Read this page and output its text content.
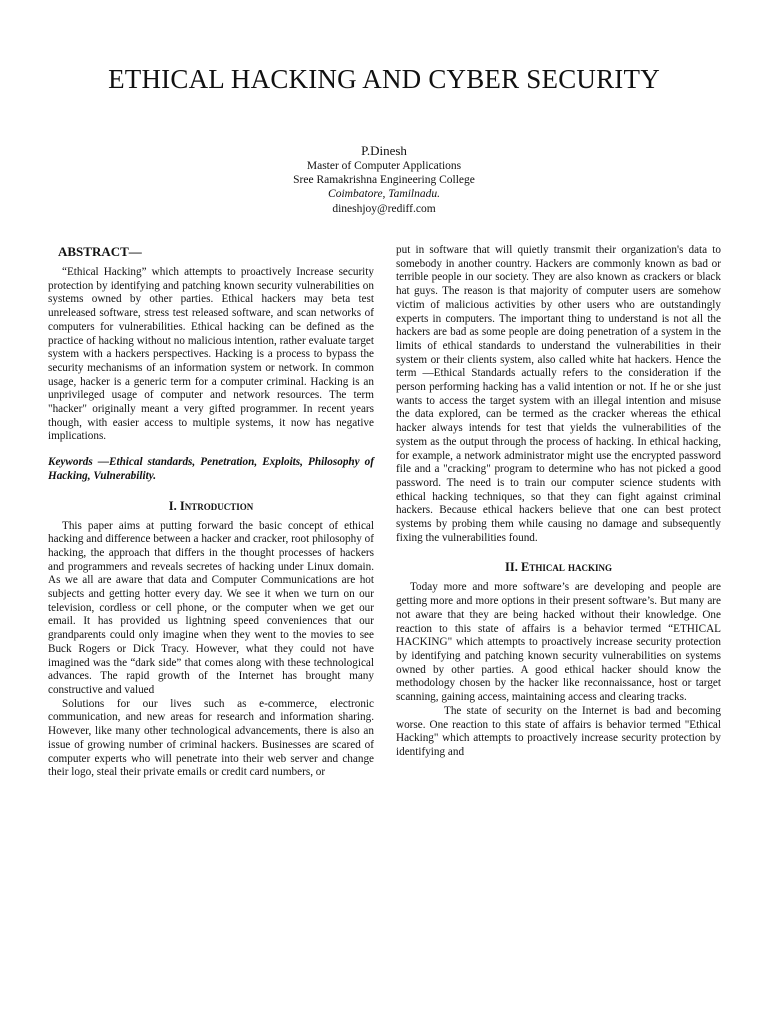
ETHICAL HACKING AND CYBER SECURITY
P.Dinesh
Master of Computer Applications
Sree Ramakrishna Engineering College
Coimbatore, Tamilnadu.
dineshjoy@rediff.com
ABSTRACT—

“Ethical Hacking” which attempts to proactively Increase security protection by identifying and patching known security vulnerabilities on systems owned by other parties. Ethical hackers may beta test unreleased software, stress test released software, and scan networks of computers for vulnerabilities. Ethical hacking can be defined as the practice of hacking without no malicious intention, rather evaluate target system with a hackers perspectives. Hacking is a process to bypass the security mechanisms of an information system or network. In common usage, hacker is a generic term for a computer criminal. Hacking is an unprivileged usage of computer and network resources. The term "hacker" originally meant a very gifted programmer. In recent years though, with easier access to multiple systems, it now has negative implications.

Keywords —Ethical standards, Penetration, Exploits, Philosophy of Hacking, Vulnerability.

I. Introduction

This paper aims at putting forward the basic concept of ethical hacking and difference between a hacker and cracker, root philosophy of hacking, the approach that differs in the thought processes of hackers and programmers and reveals secretes of hacking under Linux domain. As we all are aware that data and Computer Communications are hot subjects and getting hotter every day. We see it when we turn on our television, cordless or cell phone, or the computer when we get our email. It has provided us lightning speed conveniences that our grandparents could only imagine when they went to the movies to see Buck Rogers or Dick Tracy. However, what they could not have imagined was the “dark side” that comes along with these technological advances. The rapid growth of the Internet has brought many constructive and valued

Solutions for our lives such as e-commerce, electronic communication, and new areas for research and information sharing. However, like many other technological advancements, there is also an issue of growing number of criminal hackers. Businesses are scared of computer experts who will penetrate into their web server and change their logo, steal their private emails or credit card numbers, or

put in software that will quietly transmit their organization's data to somebody in another country. Hackers are commonly known as bad or terrible people in our society. They are also known as crackers or black hat guys. The reason is that majority of computer users are somehow victim of malicious activities by other users who are outstandingly experts in computers. The important thing to understand is not all the hackers are bad as some people are doing penetration of a system in the limits of ethical standards to understand the vulnerabilities in their system or their clients system, also called white hat hackers. Hence the term —Ethical Standards actually refers to the consideration if the person performing hacking has a valid intention or not. If he or she just wants to access the target system with an illegal intention and misuse the data explored, can be termed as the cracker whereas the ethical hacker always intends for test that yields the vulnerabilities of the system as the output through the process of hacking. In ethical hacking, for example, a network administrator might use the encrypted password file and a "cracking" program to determine who has not picked a good password. The need is to train our computer science students with ethical hacking techniques, so that they can fight against criminal hackers. Because ethical hackers believe that one can best protect systems by probing them while causing no damage and subsequently fixing the vulnerabilities found.

II. Ethical hacking

Today more and more software’s are developing and people are getting more and more options in their present software’s. But many are not aware that they are being hacked without their knowledge. One reaction to this state of affairs is a behavior termed “ETHICAL HACKING" which attempts to proactively increase security protection by identifying and patching known security vulnerabilities on systems owned by other parties. A good ethical hacker should know the methodology chosen by the hacker like reconnaissance, host or target scanning, gaining access, maintaining access and clearing tracks.

The state of security on the Internet is bad and becoming worse. One reaction to this state of affairs is behavior termed "Ethical Hacking" which attempts to proactively increase security protection by identifying and
